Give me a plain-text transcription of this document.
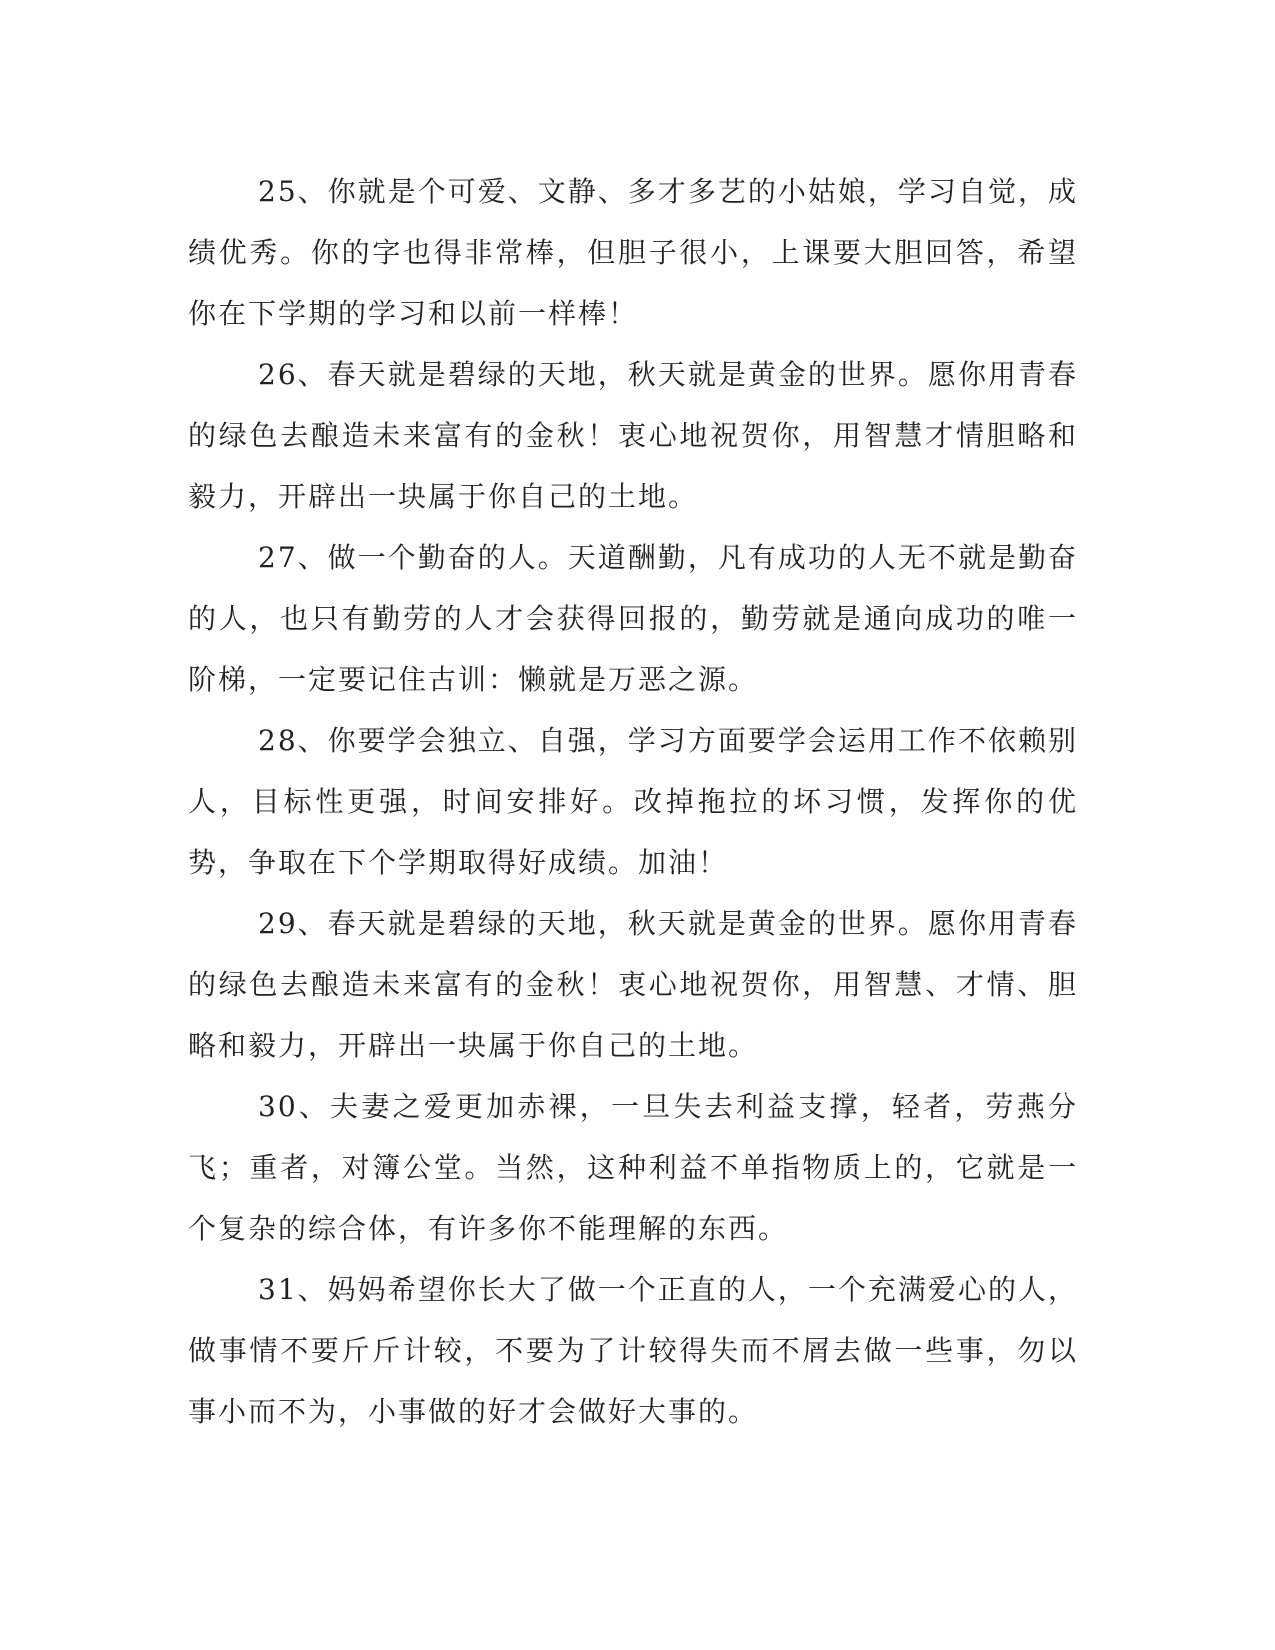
25、你就是个可爱、文静、多才多艺的小姑娘，学习自觉，成绩优秀。你的字也得非常棒，但胆子很小，上课要大胆回答，希望你在下学期的学习和以前一样棒！

26、春天就是碧绿的天地，秋天就是黄金的世界。愿你用青春的绿色去酿造未来富有的金秋！衷心地祝贺你，用智慧才情胆略和毅力，开辟出一块属于你自己的土地。

27、做一个勤奋的人。天道酬勤，凡有成功的人无不就是勤奋的人，也只有勤劳的人才会获得回报的，勤劳就是通向成功的唯一阶梯，一定要记住古训：懒就是万恶之源。

28、你要学会独立、自强，学习方面要学会运用工作不依赖别人，目标性更强，时间安排好。改掉拖拉的坏习惯，发挥你的优势，争取在下个学期取得好成绩。加油！

29、春天就是碧绿的天地，秋天就是黄金的世界。愿你用青春的绿色去酿造未来富有的金秋！衷心地祝贺你，用智慧、才情、胆略和毅力，开辟出一块属于你自己的土地。

30、夫妻之爱更加赤裸，一旦失去利益支撑，轻者，劳燕分飞；重者，对簿公堂。当然，这种利益不单指物质上的，它就是一个复杂的综合体，有许多你不能理解的东西。

31、妈妈希望你长大了做一个正直的人，一个充满爱心的人，做事情不要斤斤计较，不要为了计较得失而不屑去做一些事，勿以事小而不为，小事做的好才会做好大事的。
